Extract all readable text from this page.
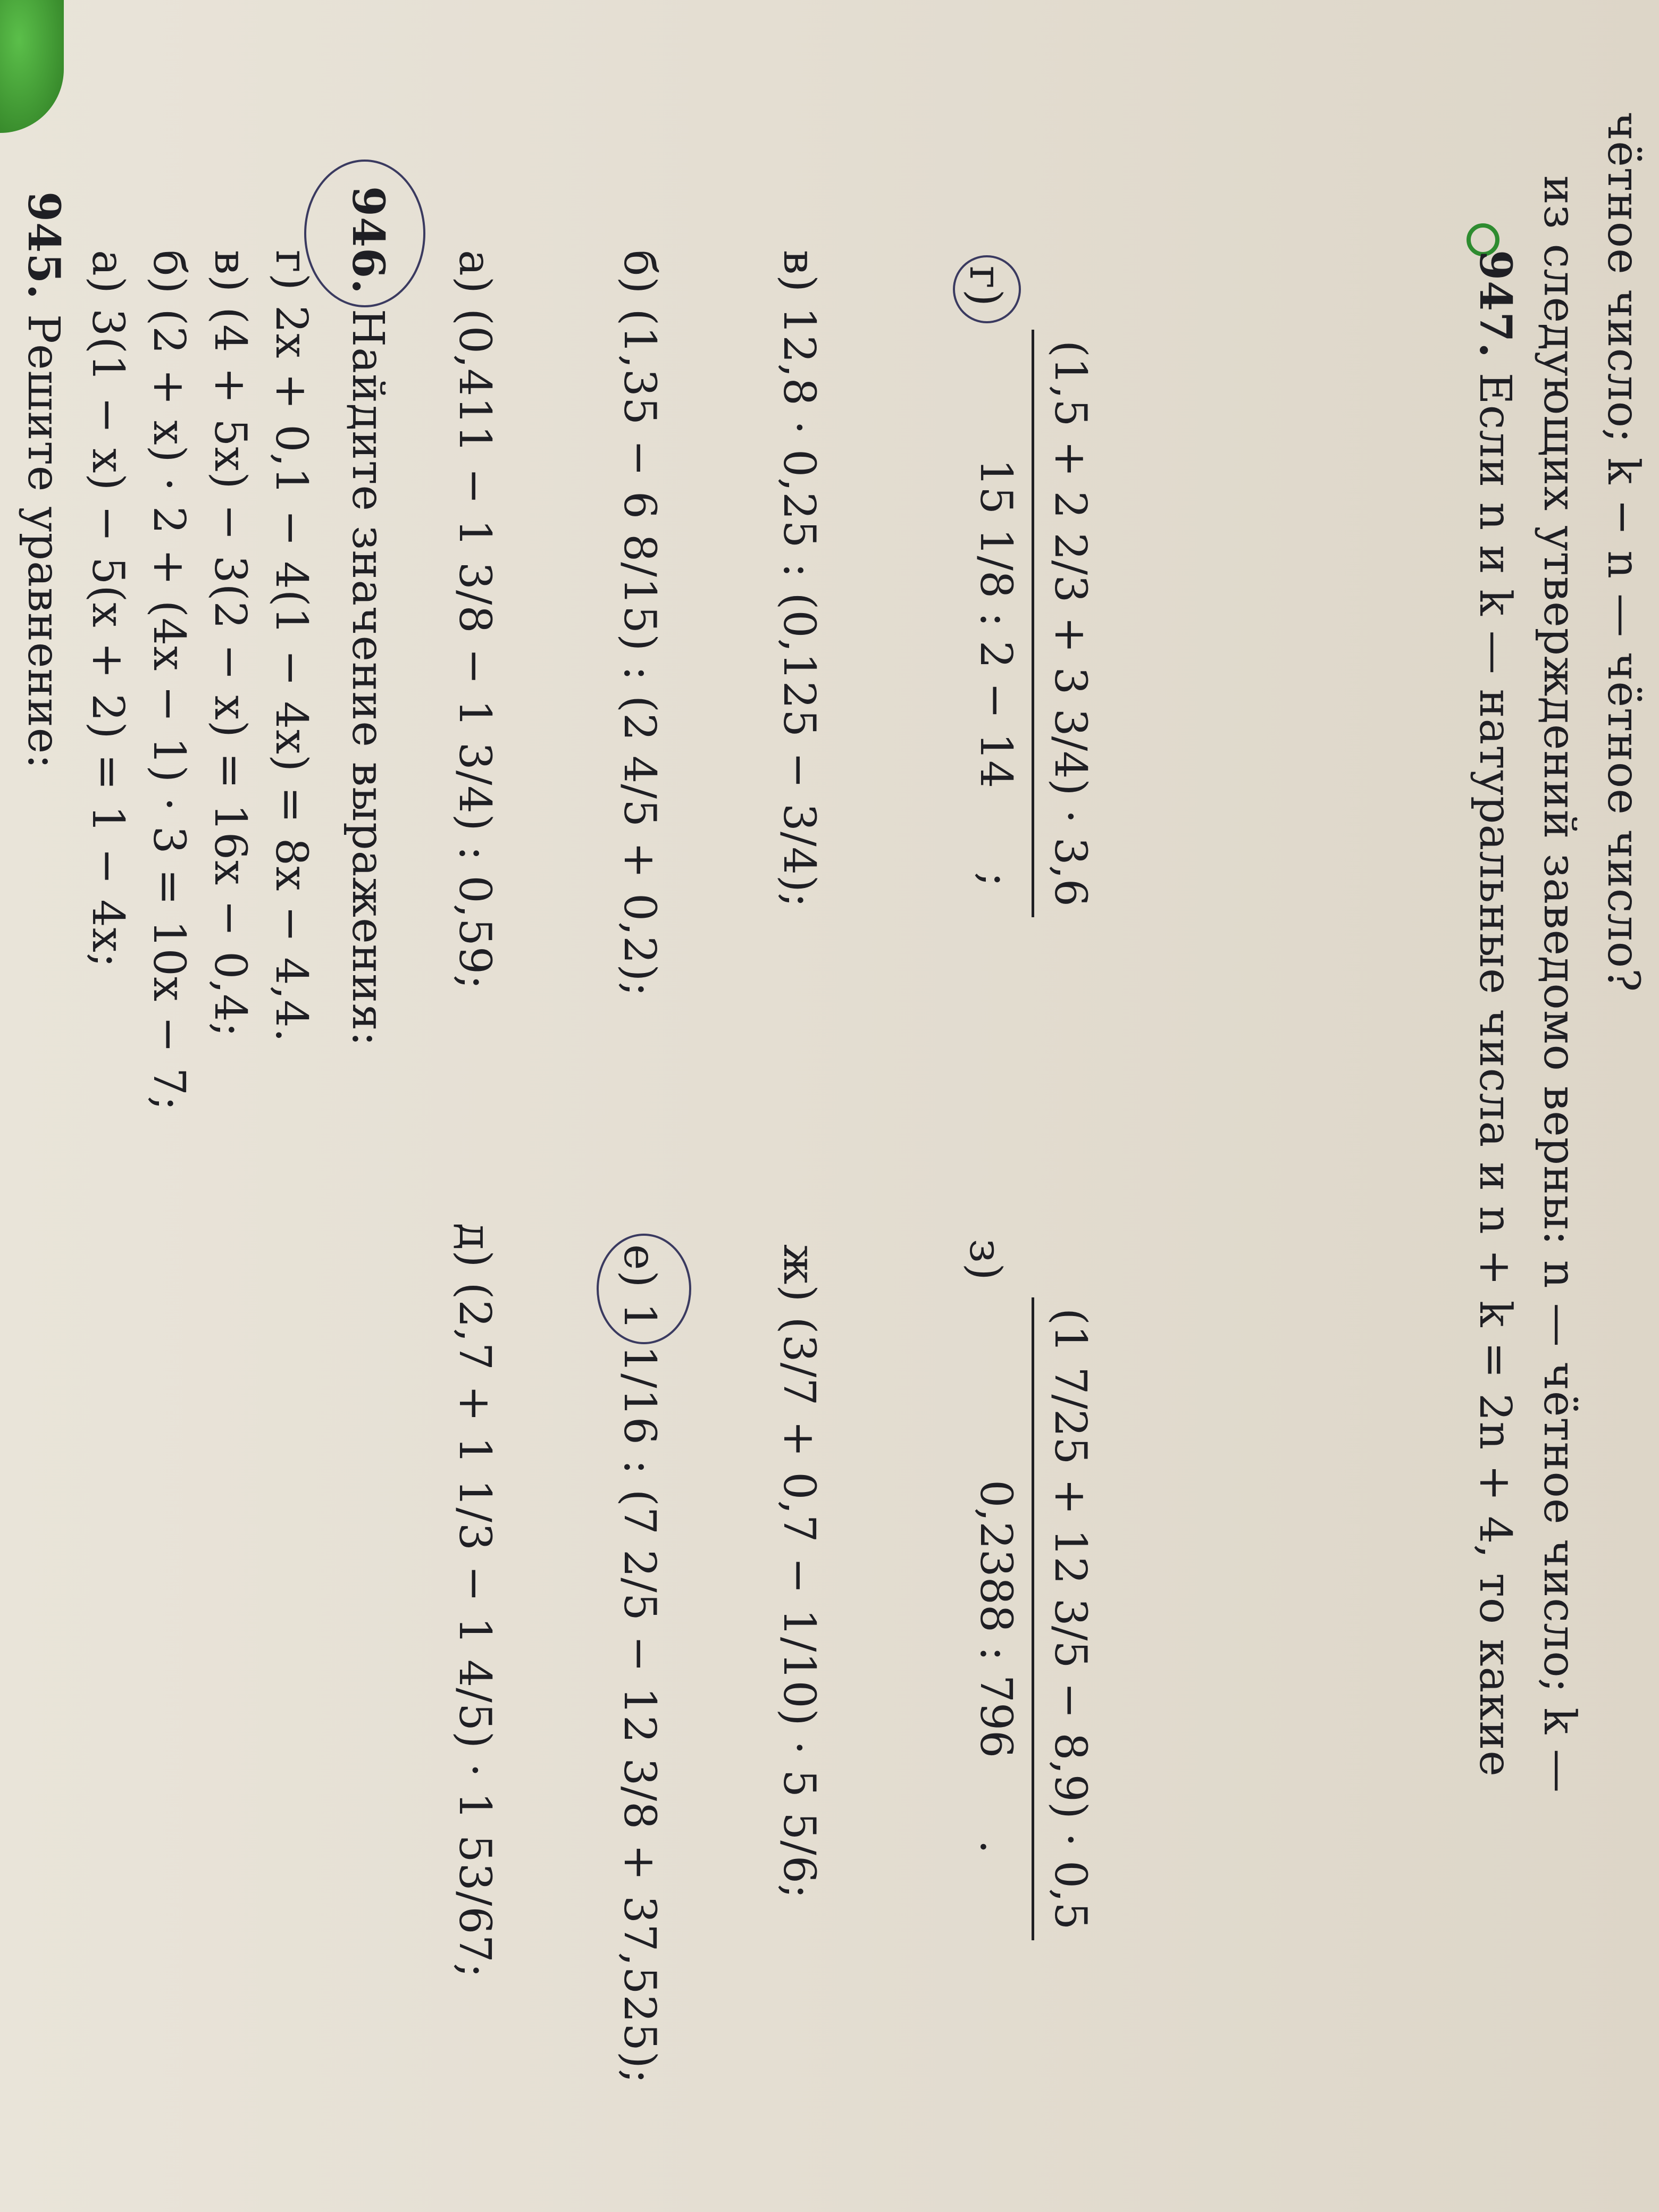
945. Решите уравнение: а) 3(1 − x) − 5(x + 2) = 1 − 4x; б) (2 + x) · 2 + (4x − 1) · 3 = 10x − 7; в) (4 + 5x) − 3(2 − x) = 16x − 0,4; г) 2x + 0,1 − 4(1 − 4x) = 8x − 4,4.
946. Найдите значение выражения: а) (0,411 − 1 3/8 − 1 3/4) : 0,59;	б) (1,35 − 6 8/15) : (2 4/5 + 0,2);	в) 12,8 · 0,25 : (0,125 − 3/4);	г)
(1,5 + 2 2/3 + 3 3/4) · 3,6
15 1/8 : 2 − 14
;
д) (2,7 + 1 1/3 − 1 4/5) · 1 53/67;	е) 1 1/16 : (7 2/5 − 12 3/8 + 37,525);	ж) (3/7 + 0,7 − 1/10) · 5 5/6;	з)
(1 7/25 + 12 3/5 − 8,9) · 0,5
0,2388 : 796
.
947. Если n и k — натуральные числа и n + k = 2n + 4, то какие из следующих утверждений заведомо верны: n — чётное число; k — чётное число; k − n — чётное число?
